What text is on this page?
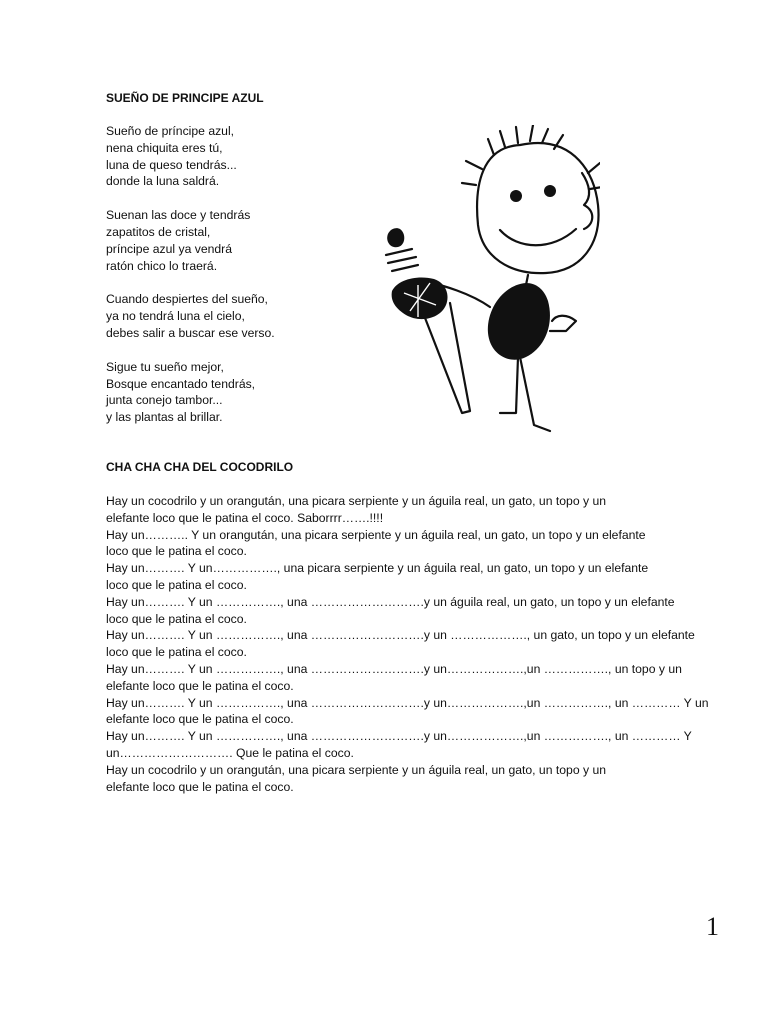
SUEÑO DE PRINCIPE AZUL
Sueño de príncipe azul,
nena chiquita eres tú,
luna de queso tendrás...
donde la luna saldrá.
Suenan las doce y tendrás
zapatitos de cristal,
príncipe azul ya vendrá
ratón chico lo traerá.
Cuando despiertes del sueño,
ya no tendrá luna el cielo,
debes salir a buscar ese verso.
Sigue tu sueño mejor,
Bosque encantado tendrás,
junta conejo tambor...
y las plantas al brillar.
CHA CHA CHA DEL COCODRILO
Hay un cocodrilo y un orangután, una picara serpiente y un águila real, un gato, un topo y un
elefante loco que le patina el coco. Saborrrr…….!!!!
Hay un……….. Y un orangután, una picara serpiente y un águila real, un gato, un topo y un elefante
loco que le patina el coco.
Hay un………. Y un……………., una picara serpiente y un águila real, un gato, un topo y un elefante
loco que le patina el coco.
Hay un………. Y un ……………., una ……………………….y un águila real, un gato, un topo y un elefante
loco que le patina el coco.
Hay un………. Y un ……………., una ……………………….y un ………………., un gato, un topo y un elefante
loco que le patina el coco.
Hay un………. Y un ……………., una ……………………….y un……………….,un ……………., un topo y un
elefante loco que le patina el coco.
Hay un………. Y un ……………., una ……………………….y un……………….,un ……………., un ………… Y un
elefante loco que le patina el coco.
Hay un………. Y un ……………., una ……………………….y un……………….,un ……………., un ………… Y
un………………………. Que le patina el coco.
Hay un cocodrilo y un orangután, una picara serpiente y un águila real, un gato, un topo y un
elefante loco que le patina el coco.
1
